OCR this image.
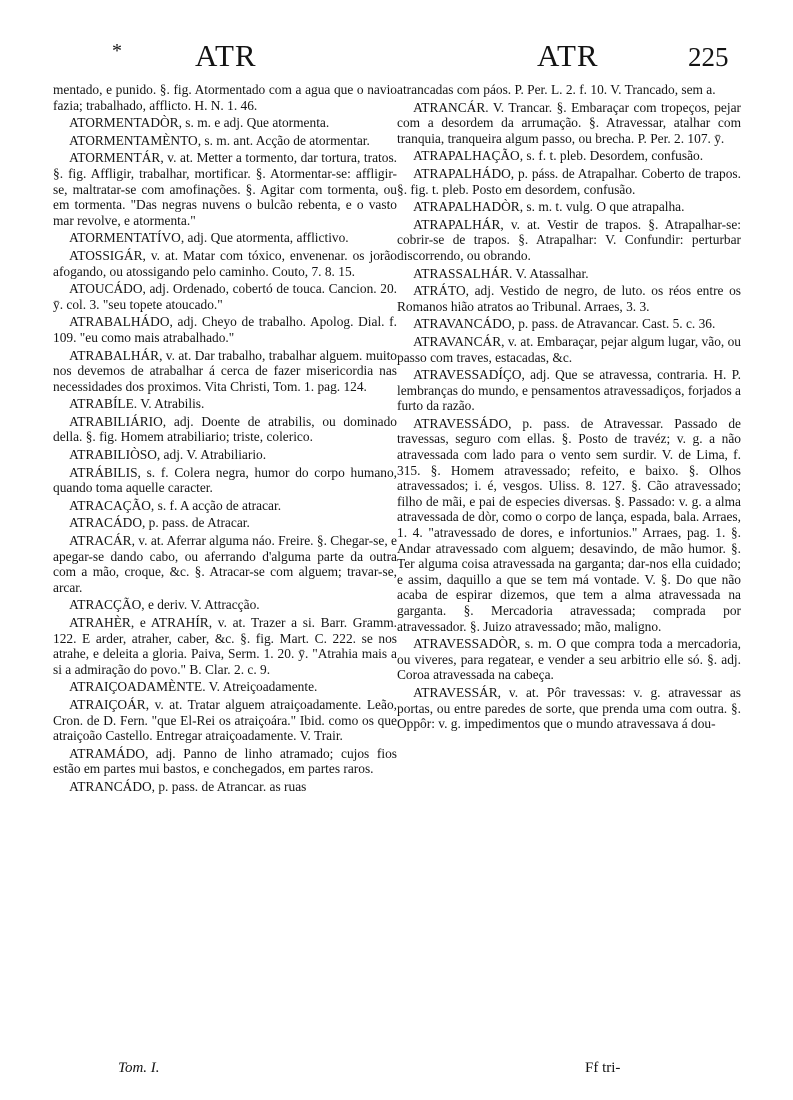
* ATR	ATR	225

mentado, e punido. §. fig. Atormentado com a agua que o navio fazia; trabalhado, afflicto. H. N. 1. 46.

ATORMENTADÒR, s. m. e adj. Que atormenta.

ATORMENTAMÈNTO, s. m. ant. Acção de atormentar.

ATORMENTÁR, v. at. Metter a tormento, dar tortura, tratos. §. fig. Affligir, trabalhar, mortificar. §. Atormentar-se: affligir-se, maltratar-se com amofinações. §. Agitar com tormenta, ou em tormenta. "Das negras nuvens o bulcão rebenta, e o vasto mar revolve, e atormenta."

ATORMENTATÍVO, adj. Que atormenta, afflictivo.

ATOSSIGÁR, v. at. Matar com tóxico, envenenar. os jorão afogando, ou atossigando pelo caminho. Couto, 7. 8. 15.

ATOUCÁDO, adj. Ordenado, cobertó de touca. Cancion. 20. ȳ. col. 3. "seu topete atoucado."

ATRABALHÁDO, adj. Cheyo de trabalho. Apolog. Dial. f. 109. "eu como mais atrabalhado."

ATRABALHÁR, v. at. Dar trabalho, trabalhar alguem. muito nos devemos de atrabalhar á cerca de fazer misericordia nas necessidades dos proximos. Vita Christi, Tom. 1. pag. 124.

ATRABÍLE. V. Atrabilis.

ATRABILIÁRIO, adj. Doente de atrabilis, ou dominado della. §. fig. Homem atrabiliario; triste, colerico.

ATRABILIÒSO, adj. V. Atrabiliario.

ATRÁBILIS, s. f. Colera negra, humor do corpo humano, quando toma aquelle caracter.

ATRACAÇÃO, s. f. A acção de atracar.

ATRACÁDO, p. pass. de Atracar.

ATRACÁR, v. at. Aferrar alguma náo. Freire. §. Chegar-se, e apegar-se dando cabo, ou aferrando d'alguma parte da outra com a mão, croque, &c. §. Atracar-se com alguem; travar-se, arcar.

ATRACÇÃO, e deriv. V. Attracção.

ATRAHÈR, e ATRAHÍR, v. at. Trazer a si. Barr. Gramm. 122. E arder, atraher, caber, &c. §. fig. Mart. C. 222. se nos atrahe, e deleita a gloria. Paiva, Serm. 1. 20. ȳ. "Atrahia mais a si a admiração do povo." B. Clar. 2. c. 9.

ATRAIÇOADAMÈNTE. V. Atreiçoadamente.

ATRAIÇOÁR, v. at. Tratar alguem atraiçoadamente. Leão, Cron. de D. Fern. "que El-Rei os atraiçoára." Ibid. como os que atraiçoão Castello. Entregar atraiçoadamente. V. Trair.

ATRAMÁDO, adj. Panno de linho atramado; cujos fios estão em partes mui bastos, e conchegados, em partes raros.

ATRANCÁDO, p. pass. de Atrancar. as ruas

atrancadas com páos. P. Per. L. 2. f. 10. V. Trancado, sem a.

ATRANCÁR. V. Trancar. §. Embaraçar com tropeços, pejar com a desordem da arrumação. §. Atravessar, atalhar com tranquia, tranqueira algum passo, ou brecha. P. Per. 2. 107. ȳ.

ATRAPALHAÇÃO, s. f. t. pleb. Desordem, confusão.

ATRAPALHÁDO, p. páss. de Atrapalhar. Coberto de trapos. §. fig. t. pleb. Posto em desordem, confusão.

ATRAPALHADÒR, s. m. t. vulg. O que atrapalha.

ATRAPALHÁR, v. at. Vestir de trapos. §. Atrapalhar-se: cobrir-se de trapos. §. Atrapalhar: V. Confundir: perturbar discorrendo, ou obrando.

ATRASSALHÁR. V. Atassalhar.

ATRÁTO, adj. Vestido de negro, de luto. os réos entre os Romanos hião atratos ao Tribunal. Arraes, 3. 3.

ATRAVANCÁDO, p. pass. de Atravancar. Cast. 5. c. 36.

ATRAVANCÁR, v. at. Embaraçar, pejar algum lugar, vão, ou passo com traves, estacadas, &c.

ATRAVESSADÍÇO, adj. Que se atravessa, contraria. H. P. lembranças do mundo, e pensamentos atravessadiços, forjados a furto da razão.

ATRAVESSÁDO, p. pass. de Atravessar. Passado de travessas, seguro com ellas. §. Posto de travéz; v. g. a não atravessada com lado para o vento sem surdir. V. de Lima, f. 315. §. Homem atravessado; refeito, e baixo. §. Olhos atravessados; i. é, vesgos. Uliss. 8. 127. §. Cão atravessado; filho de mãi, e pai de especies diversas. §. Passado: v. g. a alma atravessada de dòr, como o corpo de lança, espada, bala. Arraes, 1. 4. "atravessado de dores, e infortunios." Arraes, pag. 1. §. Andar atravessado com alguem; desavindo, de mão humor. §. Ter alguma coisa atravessada na garganta; dar-nos ella cuidado; e assim, daquillo a que se tem má vontade. V. §. Do que não acaba de espirar dizemos, que tem a alma atravessada na garganta. §. Mercadoria atravessada; comprada por atravessador. §. Juizo atravessado; mão, maligno.

ATRAVESSADÒR, s. m. O que compra toda a mercadoria, ou viveres, para regatear, e vender a seu arbitrio elle só. §. adj. Coroa atravessada na cabeça.

ATRAVESSÁR, v. at. Pôr travessas: v. g. atravessar as portas, ou entre paredes de sorte, que prenda uma com outra. §. Oppôr: v. g. impedimentos que o mundo atravessava á dou-

Tom. I.	Ff tri-
